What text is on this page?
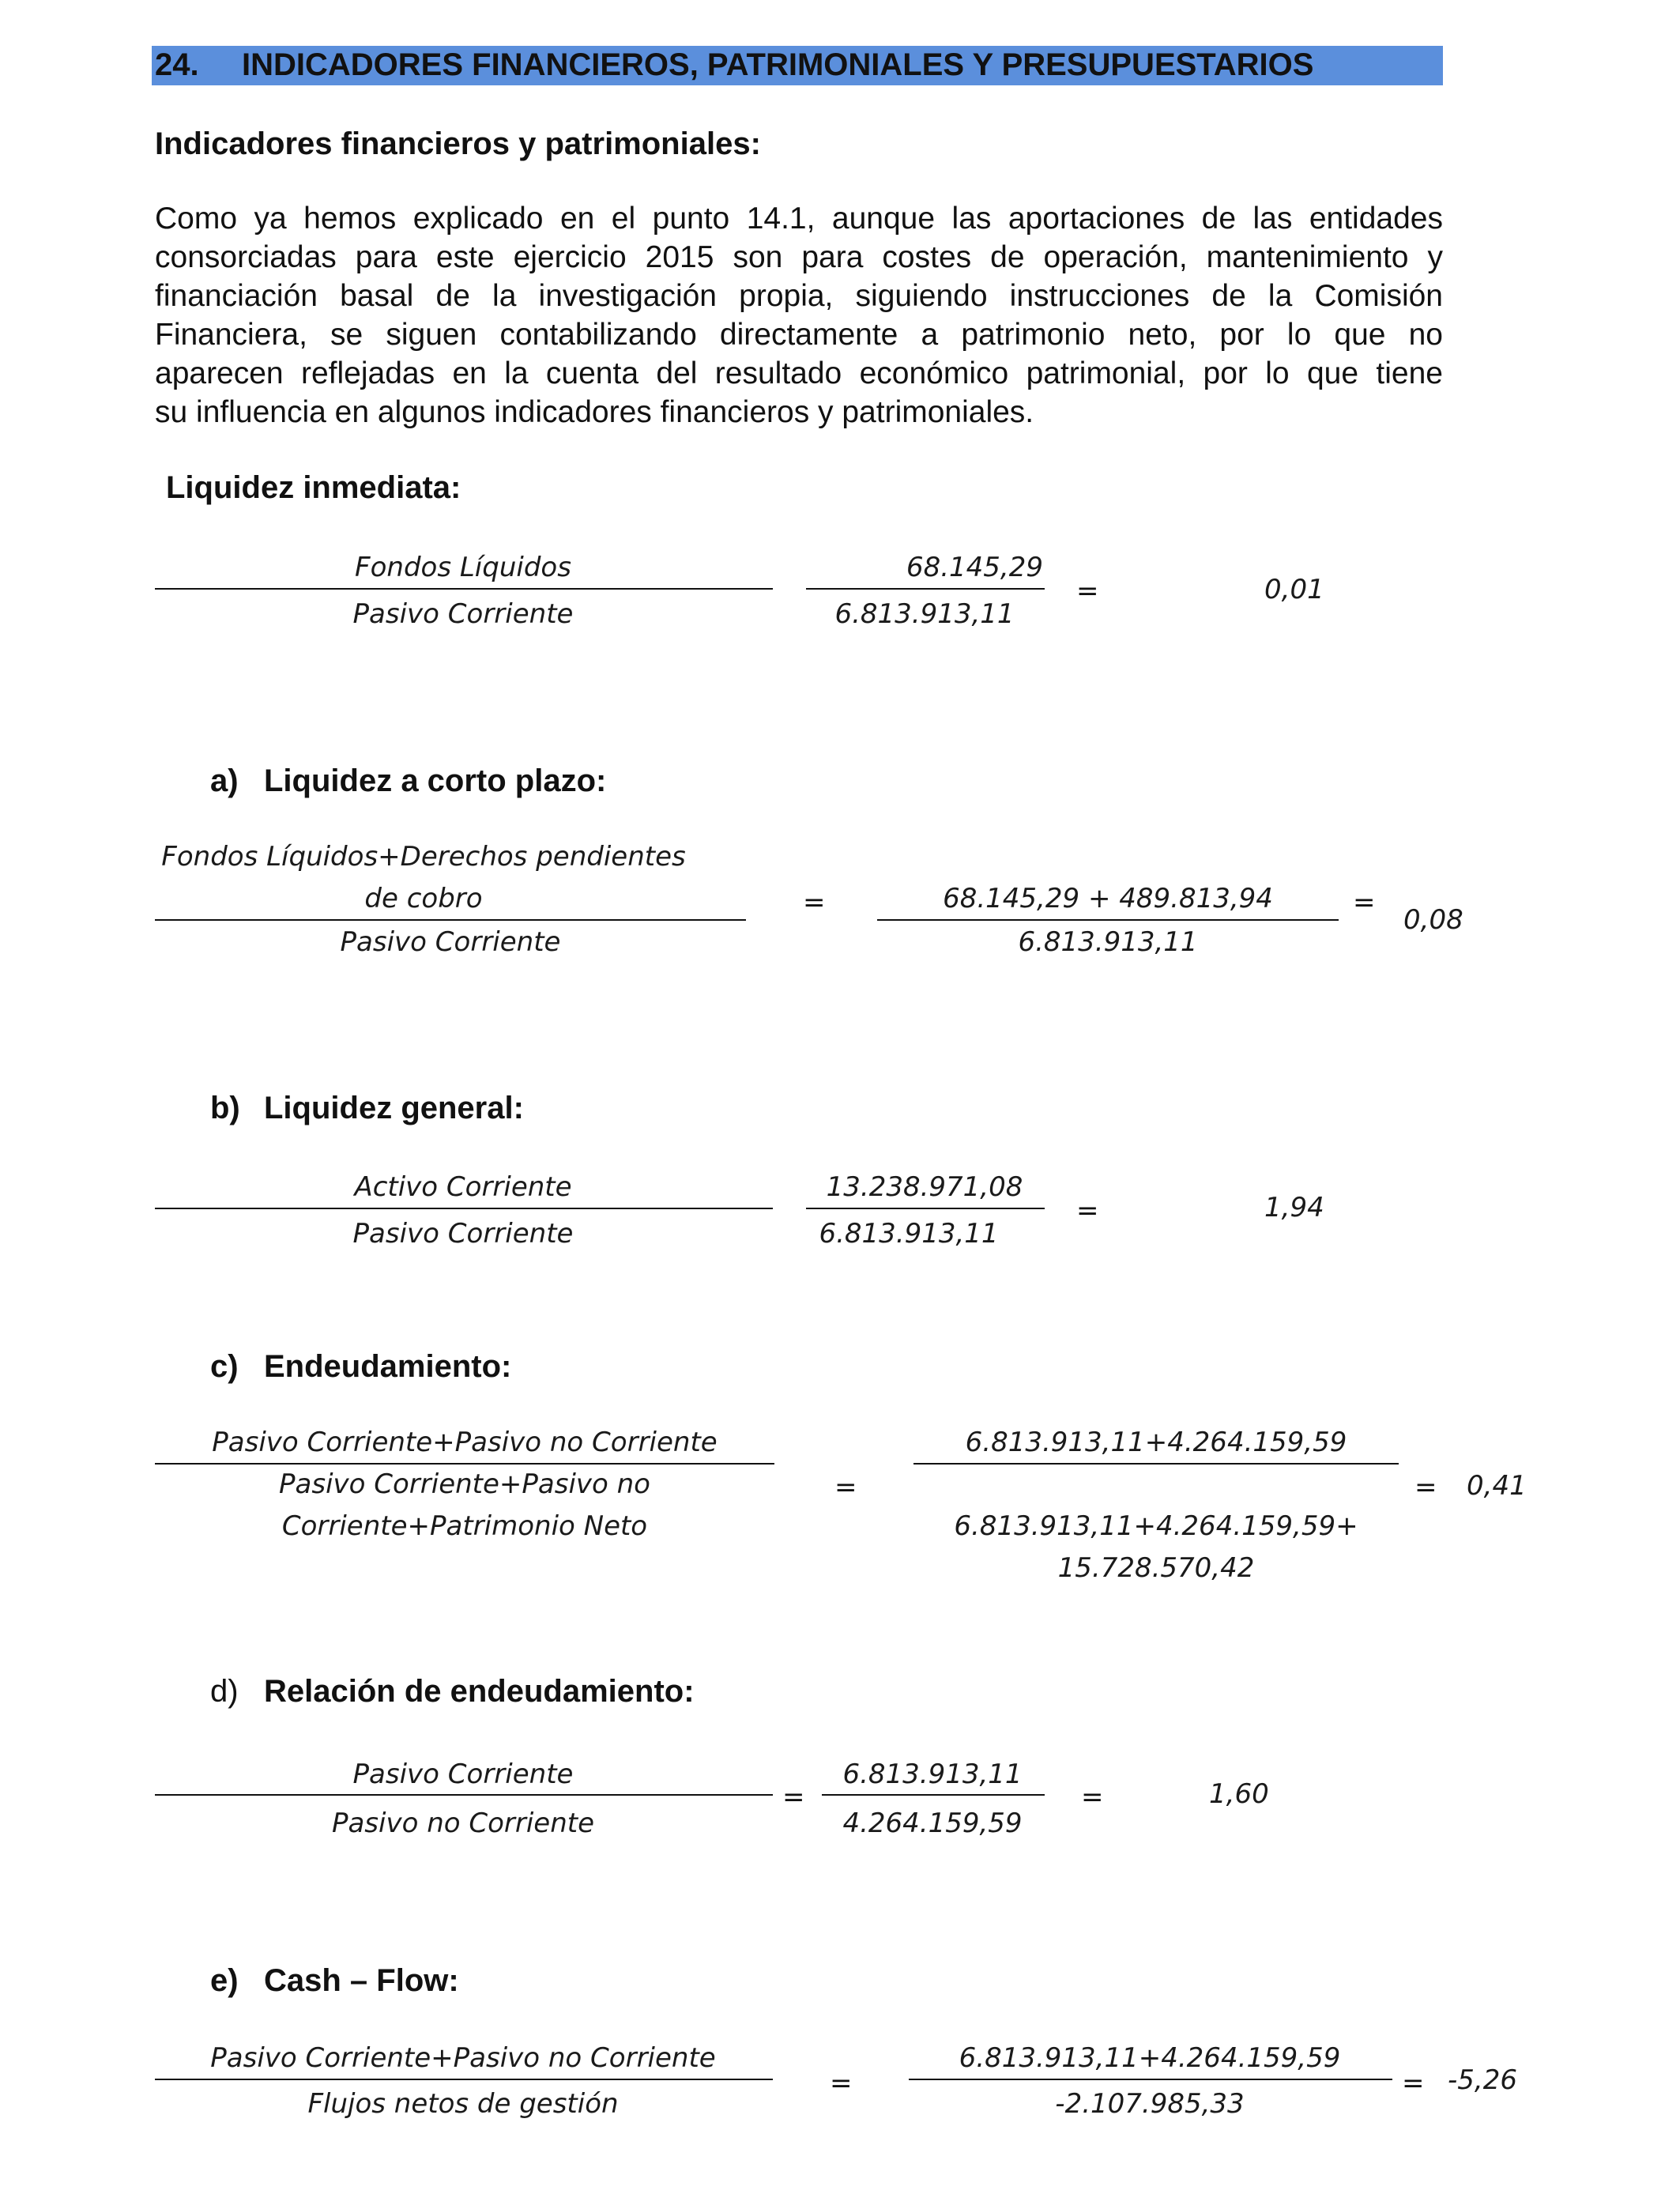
24. INDICADORES FINANCIEROS, PATRIMONIALES Y PRESUPUESTARIOS
Indicadores financieros y patrimoniales:
Como ya hemos explicado en el punto 14.1, aunque las aportaciones de las entidades
consorciadas para este ejercicio 2015 son para costes de operación, mantenimiento y
financiación basal de la investigación propia, siguiendo instrucciones de la Comisión
Financiera, se siguen contabilizando directamente a patrimonio neto, por lo que no
aparecen reflejadas en la cuenta del resultado económico patrimonial, por lo que tiene
su influencia en algunos indicadores financieros y patrimoniales.
Liquidez inmediata:
Fondos Líquidos
Pasivo Corriente
68.145,29
6.813.913,11
=	0,01
a) Liquidez a corto plazo:
Fondos Líquidos+Derechos pendientes
de cobro
Pasivo Corriente
=	68.145,29 + 489.813,94
6.813.913,11
=
0,08
b) Liquidez general:
Activo Corriente
Pasivo Corriente
13.238.971,08
6.813.913,11
=	1,94
c) Endeudamiento:
Pasivo Corriente+Pasivo no Corriente
Pasivo Corriente+Pasivo no
Corriente+Patrimonio Neto
=
6.813.913,11+4.264.159,59
6.813.913,11+4.264.159,59+
15.728.570,42
= 0,41
d) Relación de endeudamiento:
Pasivo Corriente
Pasivo no Corriente
=
6.813.913,11
4.264.159,59
=	1,60
e) Cash – Flow:
Pasivo Corriente+Pasivo no Corriente
Flujos netos de gestión
=
6.813.913,11+4.264.159,59
-2.107.985,33
= -5,26
